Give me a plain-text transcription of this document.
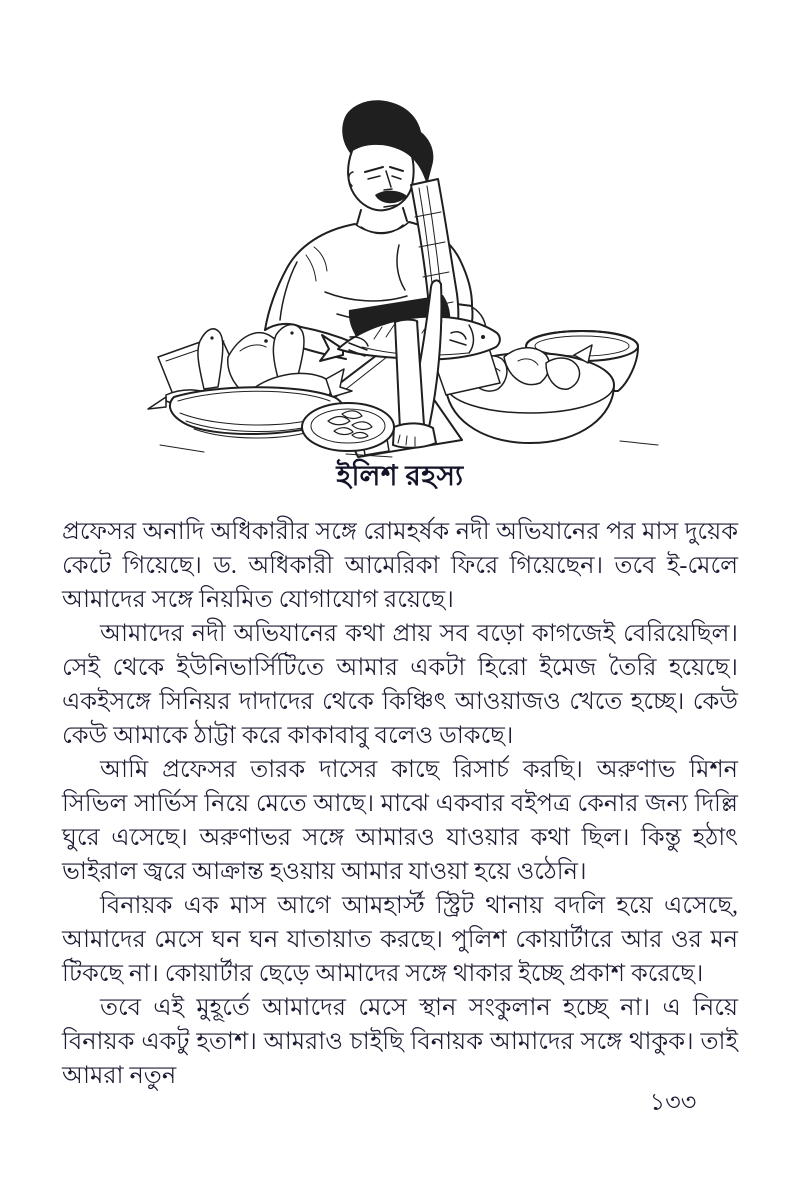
ইলিশ রহস্য

প্রফেসর অনাদি অধিকারীর সঙ্গে রোমহর্ষক নদী অভিযানের পর মাস দুয়েক কেটে গিয়েছে। ড. অধিকারী আমেরিকা ফিরে গিয়েছেন। তবে ই-মেলে আমাদের সঙ্গে নিয়মিত যোগাযোগ রয়েছে।

আমাদের নদী অভিযানের কথা প্রায় সব বড়ো কাগজেই বেরিয়েছিল। সেই থেকে ইউনিভার্সিটিতে আমার একটা হিরো ইমেজ তৈরি হয়েছে। একইসঙ্গে সিনিয়র দাদাদের থেকে কিঞ্চিৎ আওয়াজও খেতে হচ্ছে। কেউ কেউ আমাকে ঠাট্টা করে কাকাবাবু বলেও ডাকছে।

আমি প্রফেসর তারক দাসের কাছে রিসার্চ করছি। অরুণাভ মিশন সিভিল সার্ভিস নিয়ে মেতে আছে। মাঝে একবার বইপত্র কেনার জন্য দিল্লি ঘুরে এসেছে। অরুণাভর সঙ্গে আমারও যাওয়ার কথা ছিল। কিন্তু হঠাৎ ভাইরাল জ্বরে আক্রান্ত হওয়ায় আমার যাওয়া হয়ে ওঠেনি।

বিনায়ক এক মাস আগে আমহার্স্ট স্ট্রিট থানায় বদলি হয়ে এসেছে, আমাদের মেসে ঘন ঘন যাতায়াত করছে। পুলিশ কোয়ার্টারে আর ওর মন টিকছে না। কোয়ার্টার ছেড়ে আমাদের সঙ্গে থাকার ইচ্ছে প্রকাশ করেছে।

তবে এই মুহূর্তে আমাদের মেসে স্থান সংকুলান হচ্ছে না। এ নিয়ে বিনায়ক একটু হতাশ। আমরাও চাইছি বিনায়ক আমাদের সঙ্গে থাকুক। তাই আমরা নতুন

১৩৩
